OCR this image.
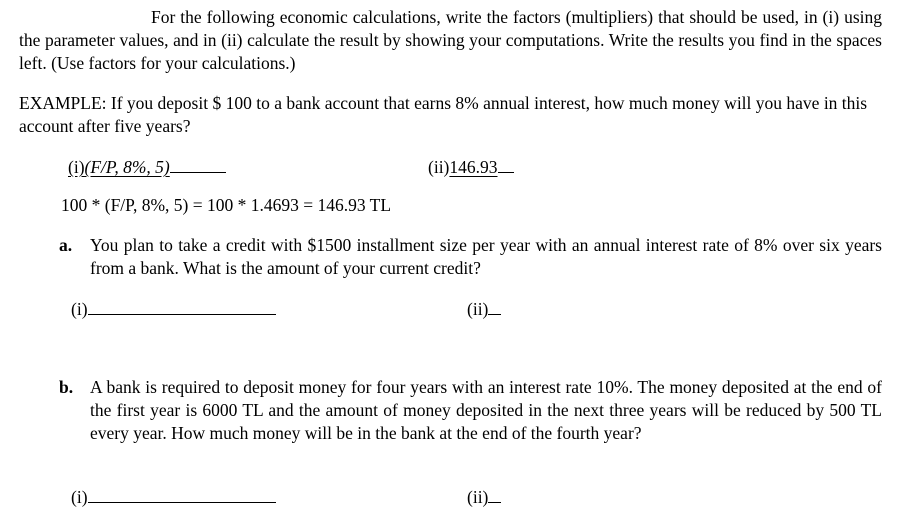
For the following economic calculations, write the factors (multipliers) that should be used, in (i) using the parameter values, and in (ii) calculate the result by showing your computations. Write the results you find in the spaces left. (Use factors for your calculations.)
EXAMPLE: If you deposit $ 100 to a bank account that earns 8% annual interest, how much money will you have in this account after five years?
(i)(F/P, 8%, 5)	(ii)146.93
100 * (F/P, 8%, 5) = 100 * 1.4693 = 146.93 TL
a. You plan to take a credit with $1500 installment size per year with an annual interest rate of 8% over six years from a bank. What is the amount of your current credit?
(i)	(ii)
b. A bank is required to deposit money for four years with an interest rate 10%. The money deposited at the end of the first year is 6000 TL and the amount of money deposited in the next three years will be reduced by 500 TL every year. How much money will be in the bank at the end of the fourth year?
(i)	(ii)
